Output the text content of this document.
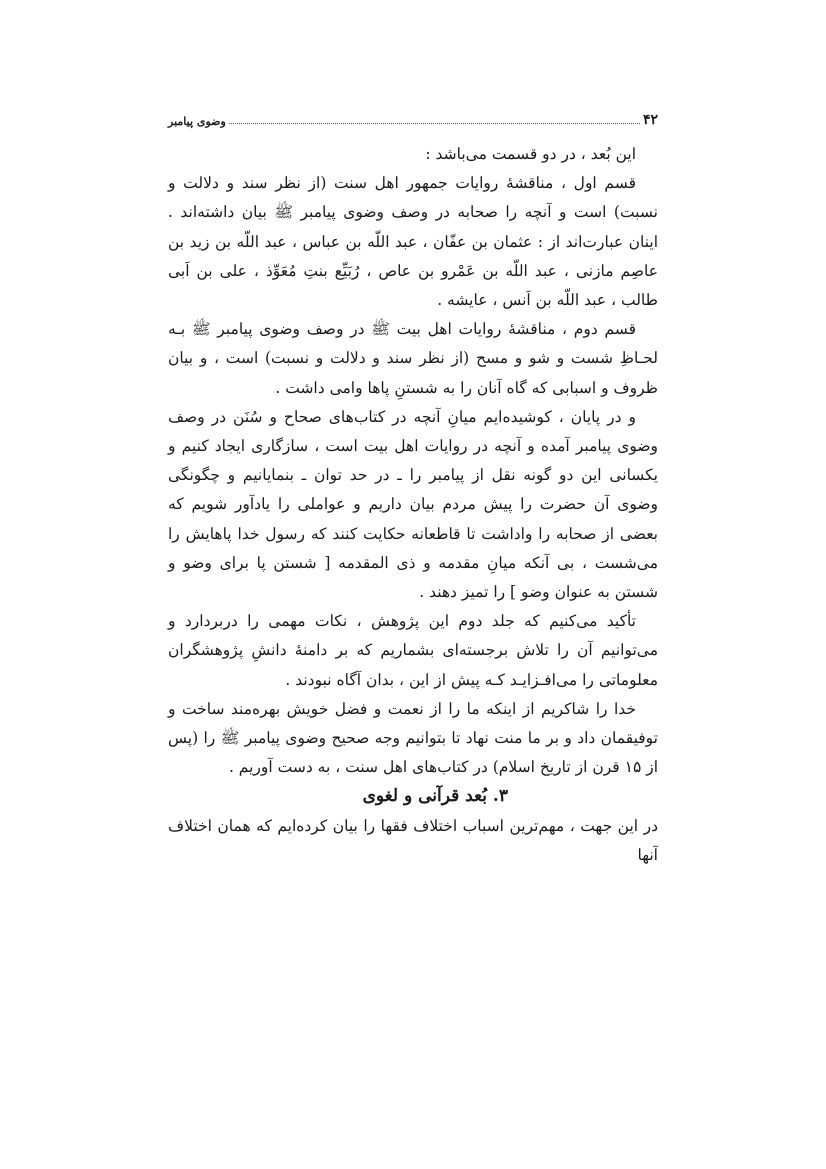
۴۲
وضوی پیامبر

این بُعد ، در دو قسمت می‌باشد :

قسم اول ، مناقشهٔ روایات جمهور اهل سنت (از نظر سند و دلالت و نسبت) است و آنچه را صحابه در وصف وضوی پیامبر ﷺ بیان داشته‌اند . اینان عبارت‌اند از : عثمان بن عفّان ، عبد اللّه بن عباس ، عبد اللّه بن زید بن عاصِم مازنی ، عبد اللّه بن عَمْرو بن عاص ، رُبَیِّع بنتِ مُعَوِّذ ، علی بن اَبی طالب ، عبد اللّه بن اَنس ، عایشه .

قسم دوم ، مناقشهٔ روایات اهل بیت ﷺ در وصف وضوی پیامبر ﷺ بـه لحـاظِ شست و شو و مسح (از نظر سند و دلالت و نسبت) است ، و بیان ظروف و اسبابی که گاه آنان را به شستنِ پاها وامی داشت .

و در پایان ، کوشیده‌ایم میانِ آنچه در کتاب‌های صحاح و سُنَن در وصف وضوی پیامبر آمده و آنچه در روایات اهل بیت است ، سازگاری ایجاد کنیم و یکسانی این دو گونه نقل از پیامبر را ـ در حد توان ـ بنمایانیم و چگونگی وضوی آن حضرت را پیش مردم بیان داریم و عواملی را یادآور شویم که بعضی از صحابه را واداشت تا قاطعانه حکایت کنند که رسول خدا پاهایش را می‌شست ، بی آنکه میانِ مقدمه و ذی المقدمه [ شستن پا برای وضو و شستن به عنوان وضو ] را تمیز دهند .

تأکید می‌کنیم که جلد دوم این پژوهش ، نکات مهمی را دربردارد و می‌توانیم آن را تلاش برجسته‌ای بشماریم که بر دامنهٔ دانشِ پژوهشگران معلوماتی را می‌افـزایـد کـه پیش از این ، بدان آگاه نبودند .

خدا را شاکریم از اینکه ما را از نعمت و فضل خویش بهره‌مند ساخت و توفیقمان داد و بر ما منت نهاد تا بتوانیم وجه صحیح وضوی پیامبر ﷺ را (پس از ۱۵ قرن از تاریخ اسلام) در کتاب‌های اهل سنت ، به دست آوریم .

۳. بُعد قرآنی و لغوی

در این جهت ، مهم‌ترین اسباب اختلاف فقها را بیان کرده‌ایم که همان اختلاف آنها
